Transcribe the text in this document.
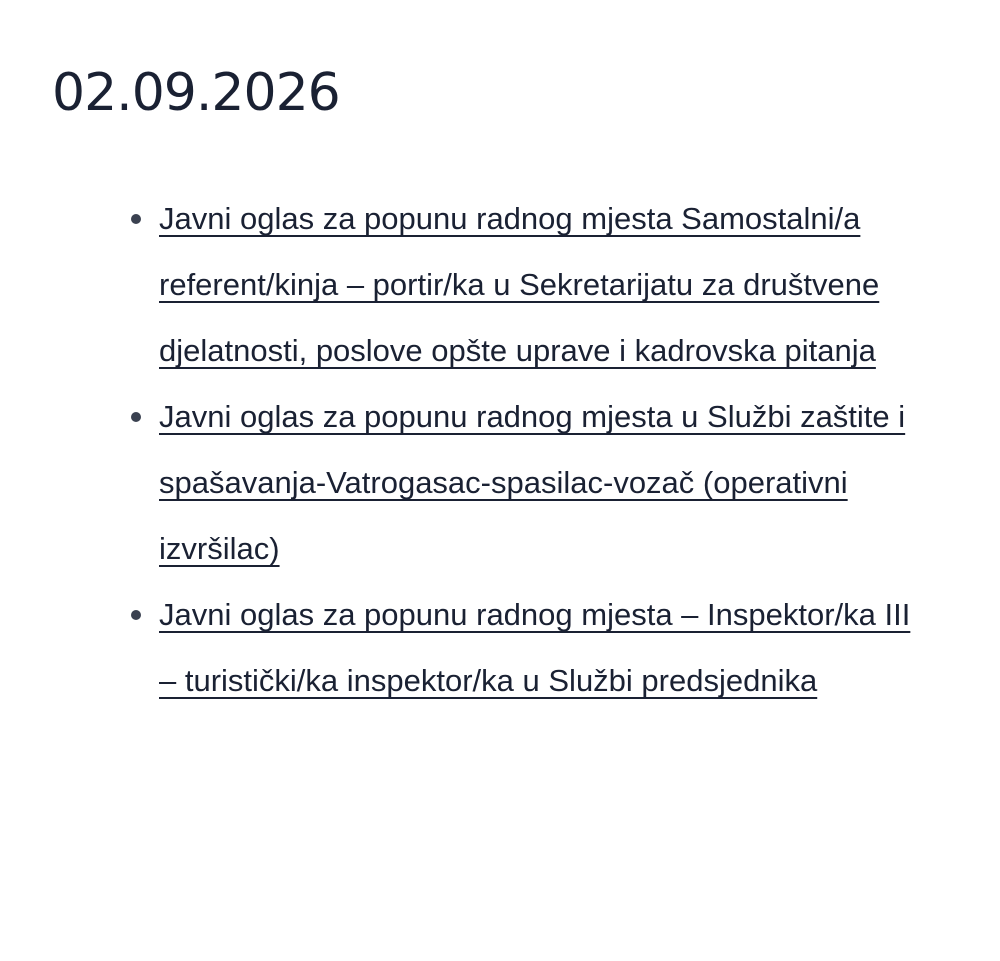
02.09.2026
Javni oglas za popunu radnog mjesta Samostalni/a referent/kinja – portir/ka u Sekretarijatu za društvene djelatnosti, poslove opšte uprave i kadrovska pitanja
Javni oglas za popunu radnog mjesta u Službi zaštite i spašavanja-Vatrogasac-spasilac-vozač (operativni izvršilac)
Javni oglas za popunu radnog mjesta – Inspektor/ka III – turistički/ka inspektor/ka u Službi predsjednika
